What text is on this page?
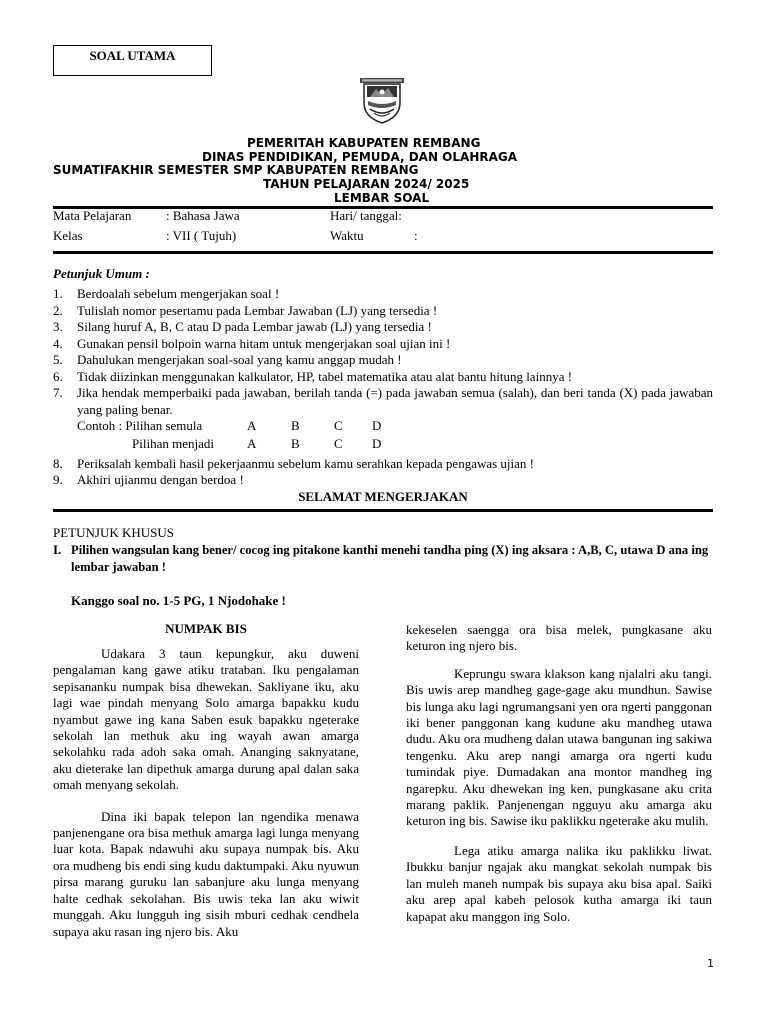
SOAL UTAMA
PEMERITAH KABUPATEN REMBANG
DINAS PENDIDIKAN, PEMUDA, DAN OLAHRAGA
SUMATIFAKHIR SEMESTER SMP KABUPATEN REMBANG
TAHUN PELAJARAN 2024/ 2025
LEMBAR SOAL
Mata Pelajaran	: Bahasa Jawa	Hari/ tanggal:
Kelas	: VII ( Tujuh)	Waktu	:
Petunjuk Umum :
1. Berdoalah sebelum mengerjakan soal !
2. Tulislah nomor pesertamu pada Lembar Jawaban (LJ) yang tersedia !
3. Silang huruf A, B, C atau D pada Lembar jawab (LJ) yang tersedia !
4. Gunakan pensil bolpoin warna hitam untuk mengerjakan soal ujian ini !
5. Dahulukan mengerjakan soal-soal yang kamu anggap mudah !
6. Tidak diizinkan menggunakan kalkulator, HP, tabel matematika atau alat bantu hitung lainnya !
7. Jika hendak memperbaiki pada jawaban, berilah tanda (=) pada jawaban semua (salah), dan beri tanda (X) pada jawaban yang paling benar.
Contoh : Pilihan semula	A	B	C D
Pilihan menjadi	A	B	C D
8. Periksalah kembali hasil pekerjaanmu sebelum kamu serahkan kepada pengawas ujian !
9. Akhiri ujianmu dengan berdoa !
SELAMAT MENGERJAKAN
PETUNJUK KHUSUS
I. Pilihen wangsulan kang bener/ cocog ing pitakone kanthi menehi tandha ping (X) ing aksara : A,B, C, utawa D ana ing lembar jawaban !
Kanggo soal no. 1-5 PG, 1 Njodohake !
NUMPAK BIS

Udakara 3 taun kepungkur, aku duweni pengalaman kang gawe atiku trataban. Iku pengalaman sepisananku numpak bisa dhewekan. Sakliyane iku, aku lagi wae pindah menyang Solo amarga bapakku kudu nyambut gawe ing kana Saben esuk bapakku ngeterake sekolah lan methuk aku ing wayah awan amarga sekolahku rada adoh saka omah. Ananging saknyatane, aku dieterake lan dipethuk amarga durung apal dalan saka omah menyang sekolah.

Dina iki bapak telepon lan ngendika menawa panjenengane ora bisa methuk amarga lagi lunga menyang luar kota. Bapak ndawuhi aku supaya numpak bis. Aku ora mudheng bis endi sing kudu daktumpaki. Aku nyuwun pirsa marang guruku lan sabanjure aku lunga menyang halte cedhak sekolahan. Bis uwis teka lan aku wiwit munggah. Aku lungguh ing sisih mburi cedhak cendhela supaya aku rasan ing njero bis. Aku

kekeselen saengga ora bisa melek, pungkasane aku keturon ing njero bis.

Keprungu swara klakson kang njalalri aku tangi. Bis uwis arep mandheg gage-gage aku mundhun. Sawise bis lunga aku lagi ngrumangsani yen ora ngerti panggonan iki bener panggonan kang kudune aku mandheg utawa dudu. Aku ora mudheng dalan utawa bangunan ing sakiwa tengenku. Aku arep nangi amarga ora ngerti kudu tumindak piye. Dumadakan ana montor mandheg ing ngarepku. Aku dhewekan ing ken, pungkasane aku crita marang paklik. Panjenengan ngguyu aku amarga aku keturon ing bis. Sawise iku paklikku ngeterake aku mulih.

Lega atiku amarga nalika iku paklikku liwat. Ibukku banjur ngajak aku mangkat sekolah numpak bis lan muleh maneh numpak bis supaya aku bisa apal. Saiki aku arep apal kabeh pelosok kutha amarga iki taun kapapat aku manggon ing Solo.

1
